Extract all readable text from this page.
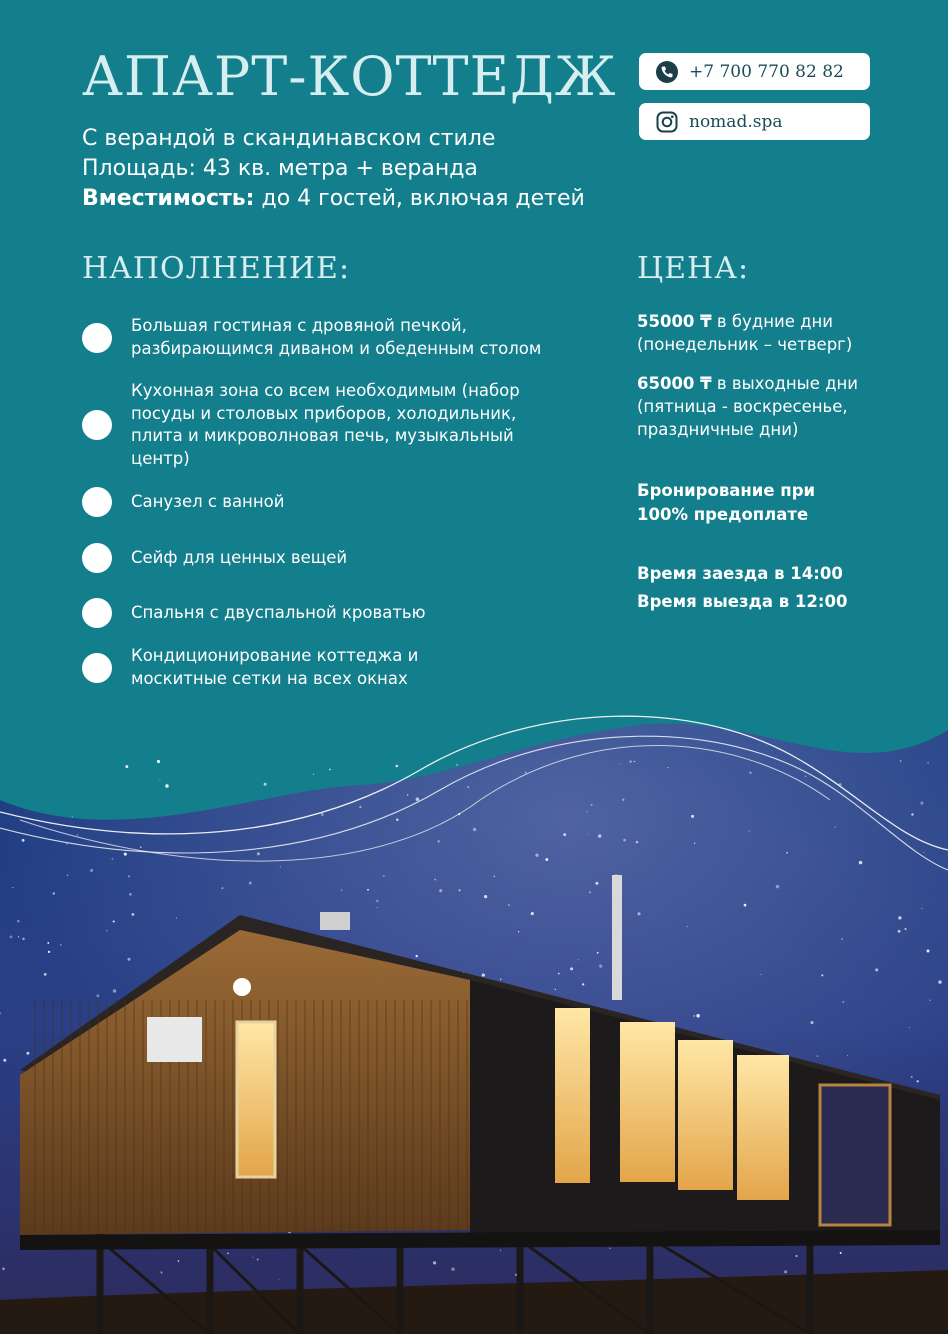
АПАРТ-КОТТЕДЖ
С верандой в скандинавском стиле
Площадь: 43 кв. метра + веранда
Вместимость: до 4 гостей, включая детей
+7 700 770 82 82
nomad.spa
НАПОЛНЕНИЕ:
Большая гостиная с дровяной печкой, разбирающимся диваном и обеденным столом
Кухонная зона со всем необходимым (набор посуды и столовых приборов, холодильник, плита и микроволновая печь, музыкальный центр)
Санузел с ванной
Сейф для ценных вещей
Спальня с двуспальной кроватью
Кондиционирование коттеджа и москитные сетки на всех окнах
ЦЕНА:
55000 ₸ в будние дни
(понедельник – четверг)
65000 ₸ в выходные дни
(пятница - воскресенье, праздничные дни)
Бронирование при 100% предоплате
Время заезда в 14:00
Время выезда в 12:00
